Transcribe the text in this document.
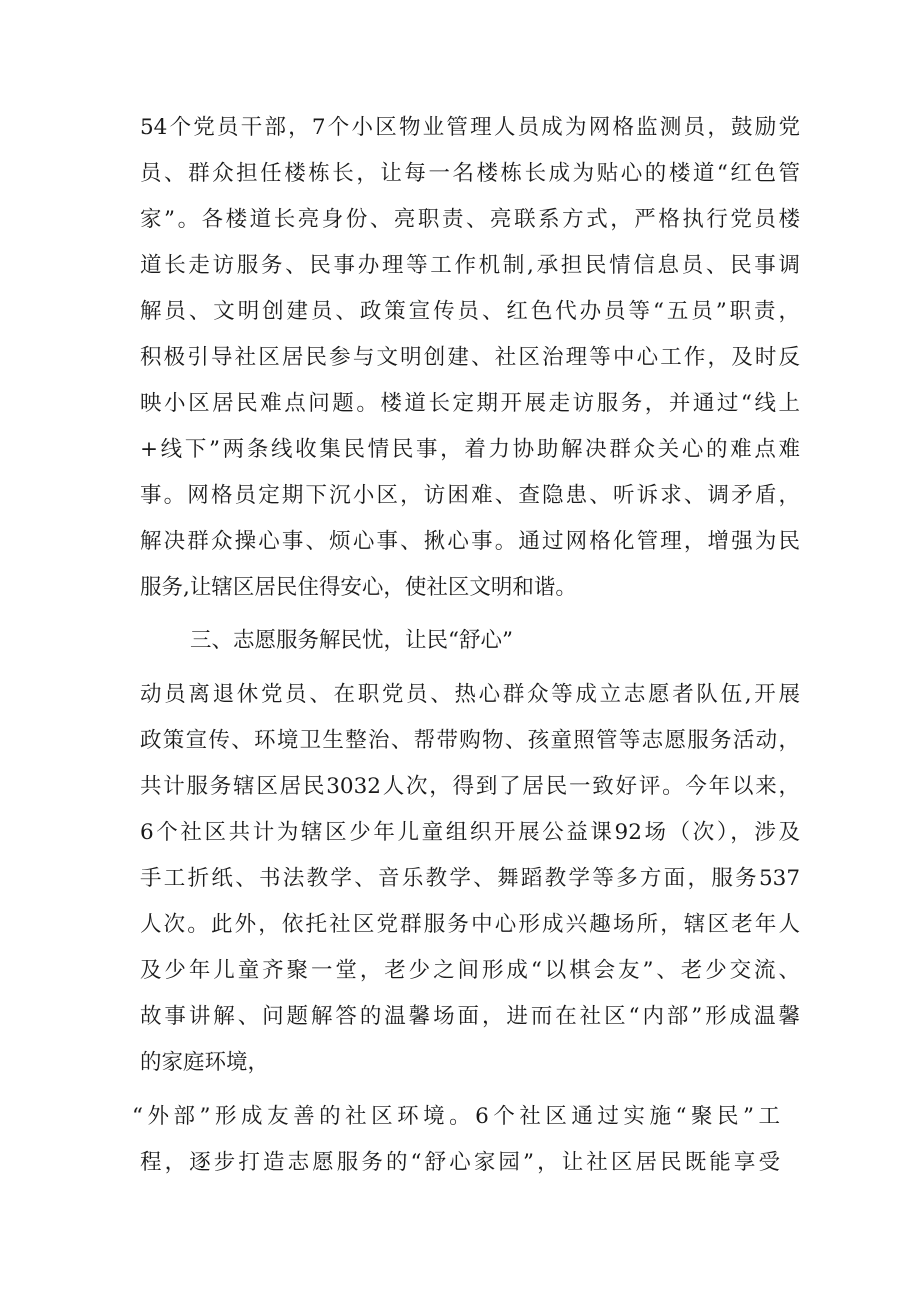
54个党员干部，7个小区物业管理人员成为网格监测员，鼓励党
员、群众担任楼栋长，让每一名楼栋长成为贴心的楼道“红色管
家”。各楼道长亮身份、亮职责、亮联系方式，严格执行党员楼
道长走访服务、民事办理等工作机制,承担民情信息员、民事调
解员、文明创建员、政策宣传员、红色代办员等“五员”职责，
积极引导社区居民参与文明创建、社区治理等中心工作，及时反
映小区居民难点问题。楼道长定期开展走访服务，并通过“线上
+线下”两条线收集民情民事，着力协助解决群众关心的难点难
事。网格员定期下沉小区，访困难、查隐患、听诉求、调矛盾，
解决群众操心事、烦心事、揪心事。通过网格化管理，增强为民
服务,让辖区居民住得安心，使社区文明和谐。
三、志愿服务解民忧，让民“舒心”
动员离退休党员、在职党员、热心群众等成立志愿者队伍,开展
政策宣传、环境卫生整治、帮带购物、孩童照管等志愿服务活动，
共计服务辖区居民3032人次，得到了居民一致好评。今年以来，
6个社区共计为辖区少年儿童组织开展公益课92场（次），涉及
手工折纸、书法教学、音乐教学、舞蹈教学等多方面，服务537
人次。此外，依托社区党群服务中心形成兴趣场所，辖区老年人
及少年儿童齐聚一堂，老少之间形成“以棋会友”、老少交流、
故事讲解、问题解答的温馨场面，进而在社区“内部”形成温馨
的家庭环境，
“外部”形成友善的社区环境。6个社区通过实施“聚民”工
程，逐步打造志愿服务的“舒心家园”，让社区居民既能享受
